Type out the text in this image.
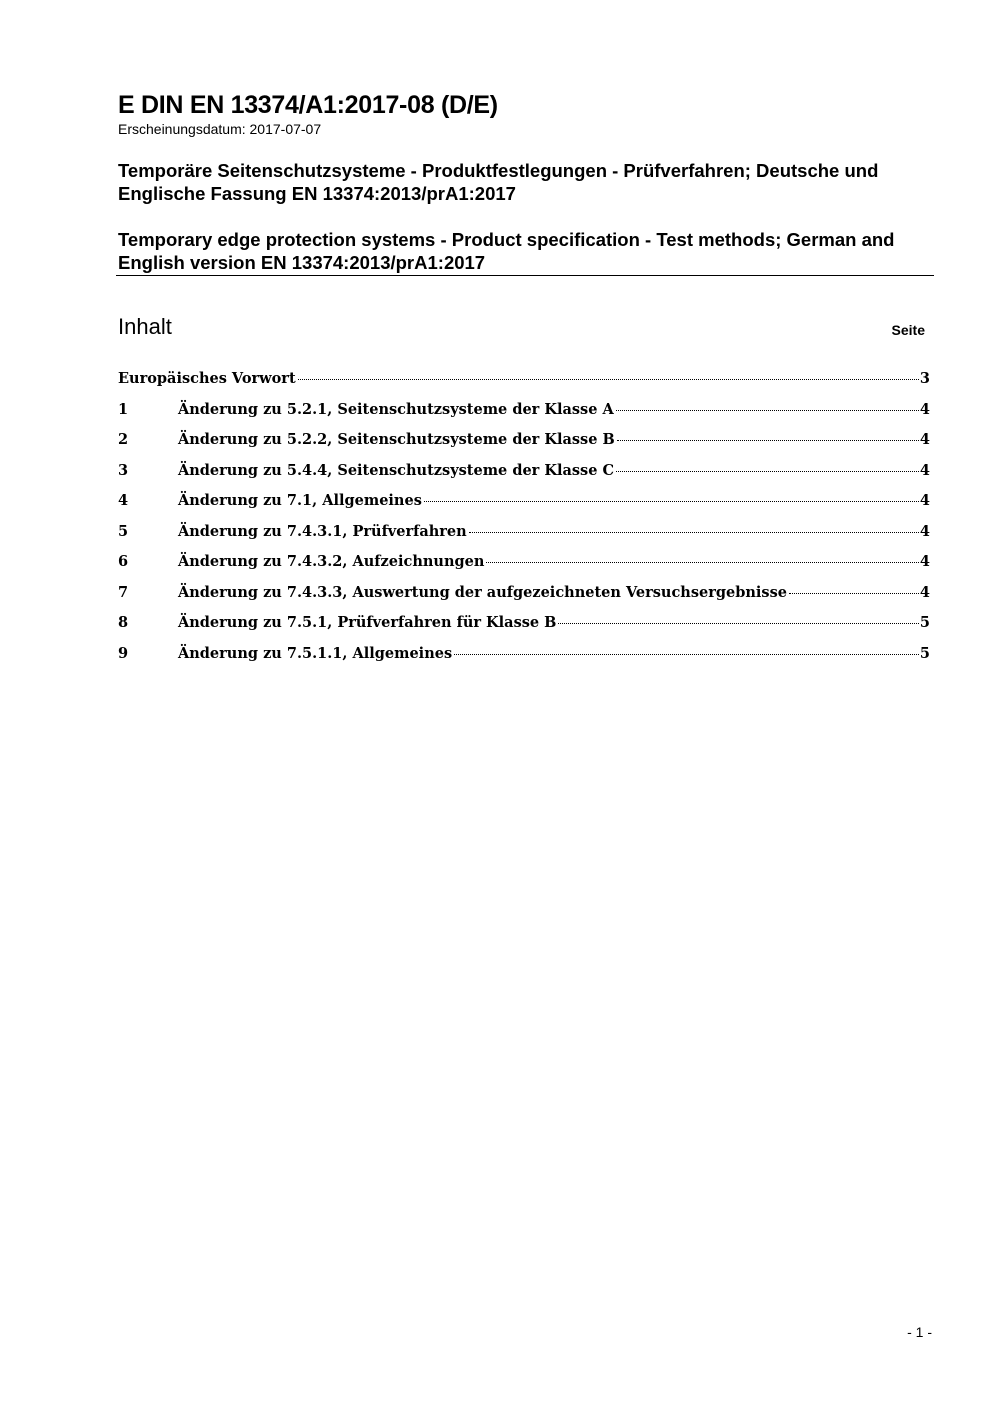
E DIN EN 13374/A1:2017-08 (D/E)
Erscheinungsdatum: 2017-07-07
Temporäre Seitenschutzsysteme - Produktfestlegungen - Prüfverfahren; Deutsche und Englische Fassung EN 13374:2013/prA1:2017
Temporary edge protection systems - Product specification - Test methods; German and English version EN 13374:2013/prA1:2017
Inhalt	Seite
Europäisches Vorwort	3
1	Änderung zu 5.2.1, Seitenschutzsysteme der Klasse A	4
2	Änderung zu 5.2.2, Seitenschutzsysteme der Klasse B	4
3	Änderung zu 5.4.4, Seitenschutzsysteme der Klasse C	4
4	Änderung zu 7.1, Allgemeines	4
5	Änderung zu 7.4.3.1, Prüfverfahren	4
6	Änderung zu 7.4.3.2, Aufzeichnungen	4
7	Änderung zu 7.4.3.3, Auswertung der aufgezeichneten Versuchsergebnisse	4
8	Änderung zu 7.5.1, Prüfverfahren für Klasse B	5
9	Änderung zu 7.5.1.1, Allgemeines	5
- 1 -
